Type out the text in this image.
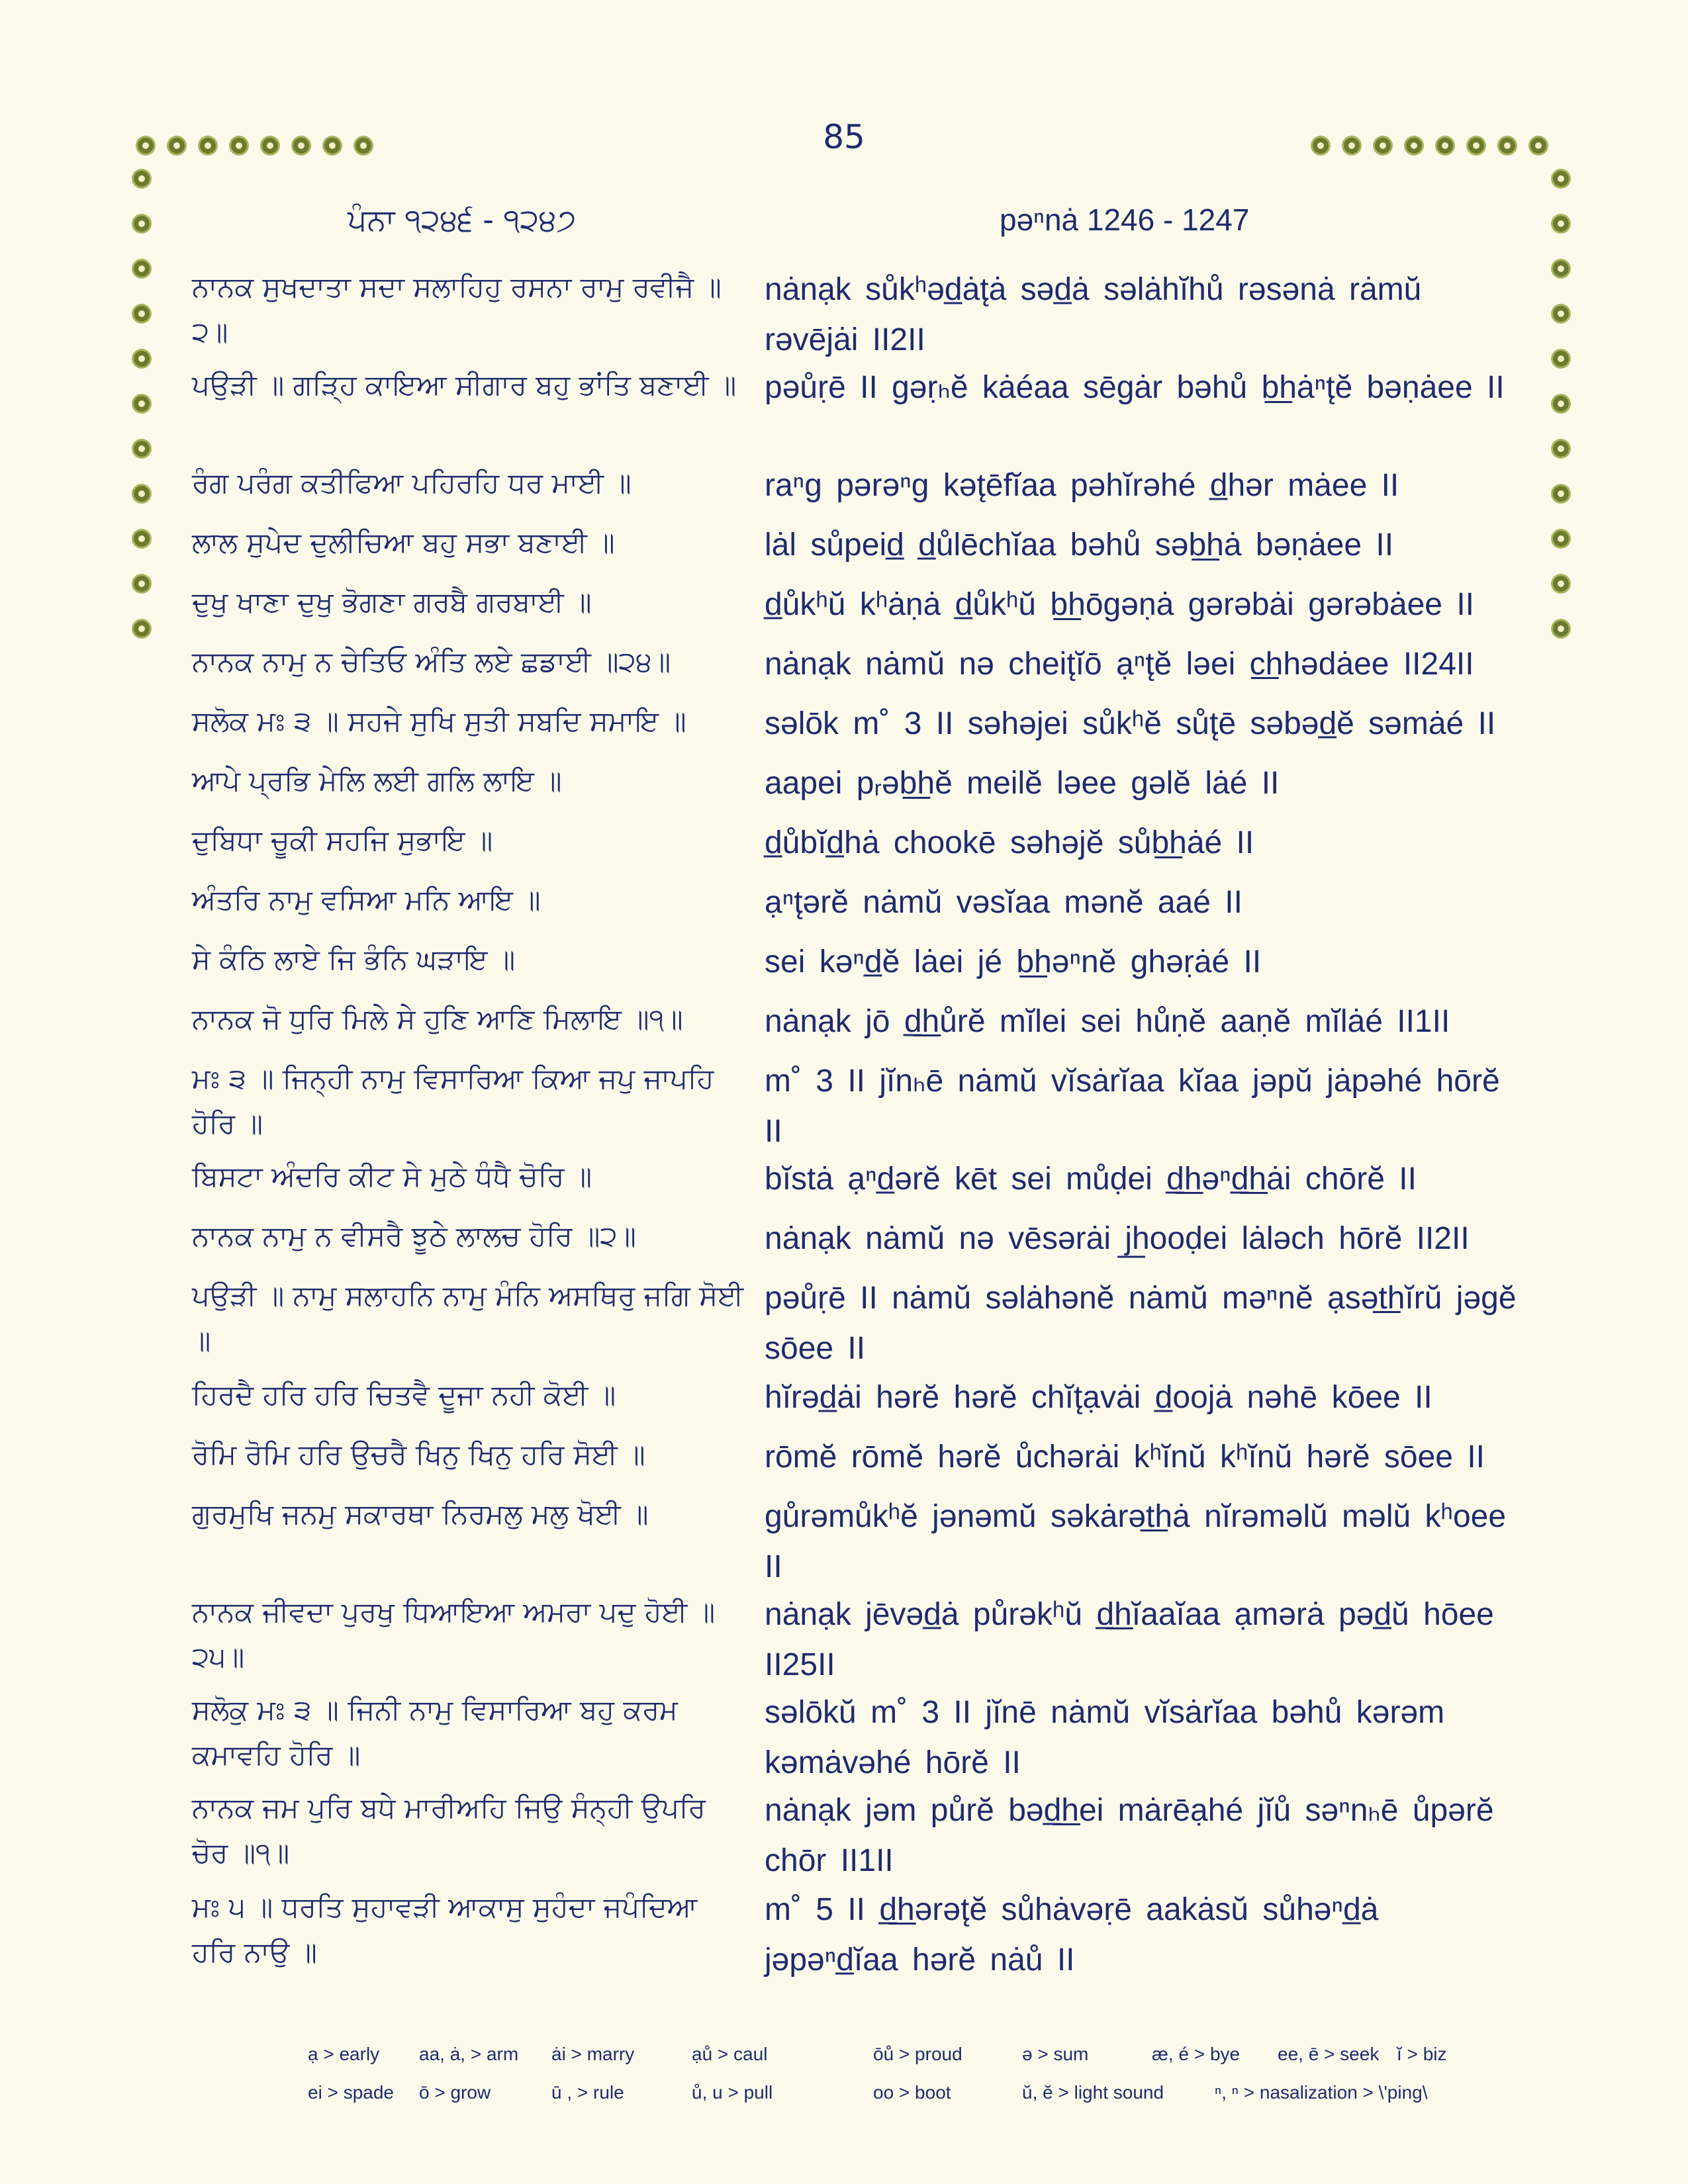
85
ਪੰਨਾ ੧੨੪੬ - ੧੨੪੭	pəⁿnȧ 1246 - 1247
ਨਾਨਕ ਸੁਖਦਾਤਾ ਸਦਾ ਸਲਾਹਿਹੁ ਰਸਨਾ ਰਾਮੁ ਰਵੀਜੈ ॥੨॥
nȧnạk sůkʰəd̲ȧt̨ȧ səd̲ȧ səlȧhĭhů rəsənȧ rȧmŭ rəvējȧi II2II
ਪਉੜੀ ॥ ਗੜ੍ਹਿ ਕਾਇਆ ਸੀਗਾਰ ਬਹੁ ਭਾਂਤਿ ਬਣਾਈ ॥ pəůṛē II gəṛₕĕ kȧéaa sēgȧr bəhů b͟hȧⁿt̨ĕ bəṇȧee II
ਰੰਗ ਪਰੰਗ ਕਤੀਫਿਆ ਪਹਿਰਹਿ ਧਰ ਮਾਈ ॥	raⁿg pərəⁿg kət̨ēfĭaa pəhĭrəhé d̲hər mȧee II
ਲਾਲ ਸੁਪੇਦ ਦੁਲੀਚਿਆ ਬਹੁ ਸਭਾ ਬਣਾਈ ॥	lȧl sůpeid̲ d̲ůlēchĭaa bəhů səb͟hȧ bəṇȧee II
ਦੁਖੁ ਖਾਣਾ ਦੁਖੁ ਭੋਗਣਾ ਗਰਬੈ ਗਰਬਾਈ ॥	d̲ůkʰŭ kʰȧṇȧ d̲ůkʰŭ b͟hōgəṇȧ gərəbȧi gərəbȧee II
ਨਾਨਕ ਨਾਮੁ ਨ ਚੇਤਿਓ ਅੰਤਿ ਲਏ ਛਡਾਈ ॥੨੪॥	nȧnạk nȧmŭ nə cheit̨ĭō ạⁿt̨ĕ ləei c͟hhədȧee II24II
ਸਲੋਕ ਮਃ ੩ ॥ ਸਹਜੇ ਸੁਖਿ ਸੁਤੀ ਸਬਦਿ ਸਮਾਇ ॥	səlōk m˚ 3 II səhəjei sůkʰĕ sůt̨ē səbəd̲ĕ səmȧé II
ਆਪੇ ਪ੍ਰਭਿ ਮੇਲਿ ਲਈ ਗਲਿ ਲਾਇ ॥	aapei pᵣəb͟hĕ meilĕ ləee gəlĕ lȧé II
ਦੁਬਿਧਾ ਚੂਕੀ ਸਹਜਿ ਸੁਭਾਇ ॥	d̲ůbĭd̲hȧ chookē səhəjĕ sůb͟hȧé II
ਅੰਤਰਿ ਨਾਮੁ ਵਸਿਆ ਮਨਿ ਆਇ ॥	ạⁿt̨ərĕ nȧmŭ vəsĭaa mənĕ aaé II
ਸੇ ਕੰਠਿ ਲਾਏ ਜਿ ਭੰਨਿ ਘੜਾਇ ॥	sei kəⁿd̲ĕ lȧei jé b͟həⁿnĕ ghəṛȧé II
ਨਾਨਕ ਜੋ ਧੁਰਿ ਮਿਲੇ ਸੇ ਹੁਣਿ ਆਣਿ ਮਿਲਾਇ ॥੧॥	nȧnạk jō d̲͟hůrĕ mĭlei sei hůṇĕ aaṇĕ mĭlȧé II1II
ਮਃ ੩ ॥ ਜਿਨ੍ਹੀ ਨਾਮੁ ਵਿਸਾਰਿਆ ਕਿਆ ਜਪੁ ਜਾਪਹਿ ਹੋਰਿ ॥
m˚ 3 II jĭnₕē nȧmŭ vĭsȧrĭaa kĭaa jəpŭ jȧpəhé hōrĕ II
ਬਿਸਟਾ ਅੰਦਰਿ ਕੀਟ ਸੇ ਮੁਠੇ ਧੰਧੈ ਚੋਰਿ ॥	bĭstȧ ạⁿd̲ərĕ kēt sei můḍei d̲͟həⁿd̲͟hȧi chōrĕ II
ਨਾਨਕ ਨਾਮੁ ਨ ਵੀਸਰੈ ਝੂਠੇ ਲਾਲਚ ਹੋਰਿ ॥੨॥	nȧnạk nȧmŭ nə vēsərȧi j͟hooḍei lȧləch hōrĕ II2II
ਪਉੜੀ ॥ ਨਾਮੁ ਸਲਾਹਨਿ ਨਾਮੁ ਮੰਨਿ ਅਸਥਿਰੁ ਜਗਿ ਸੋਈ ॥
pəůṛē II nȧmŭ səlȧhənĕ nȧmŭ məⁿnĕ ạsət͟hĭrŭ jəgĕ sōee II
ਹਿਰਦੈ ਹਰਿ ਹਰਿ ਚਿਤਵੈ ਦੂਜਾ ਨਹੀ ਕੋਈ ॥	hĭrəd̲ȧi hərĕ hərĕ chĭt̨ạvȧi d̲oojȧ nəhē kōee II
ਰੋਮਿ ਰੋਮਿ ਹਰਿ ਉਚਰੈ ਖਿਨੁ ਖਿਨੁ ਹਰਿ ਸੋਈ ॥	rōmĕ rōmĕ hərĕ ůchərȧi kʰĭnŭ kʰĭnŭ hərĕ sōee II
ਗੁਰਮੁਖਿ ਜਨਮੁ ਸਕਾਰਥਾ ਨਿਰਮਲੁ ਮਲੁ ਖੋਈ ॥	gůrəmůkʰĕ jənəmŭ səkȧrət͟hȧ nĭrəməlŭ məlŭ kʰoee II
ਨਾਨਕ ਜੀਵਦਾ ਪੁਰਖੁ ਧਿਆਇਆ ਅਮਰਾ ਪਦੁ ਹੋਈ ॥੨੫॥
nȧnạk jēvəd̲ȧ půrəkʰŭ d̲͟hĭaaĭaa ạmərȧ pəd̲ŭ hōee II25II
ਸਲੋਕੁ ਮਃ ੩ ॥ ਜਿਨੀ ਨਾਮੁ ਵਿਸਾਰਿਆ ਬਹੁ ਕਰਮ ਕਮਾਵਹਿ ਹੋਰਿ ॥
səlōkŭ m˚ 3 II jĭnē nȧmŭ vĭsȧrĭaa bəhů kərəm kəmȧvəhé hōrĕ II
ਨਾਨਕ ਜਮ ਪੁਰਿ ਬਧੇ ਮਾਰੀਅਹਿ ਜਿਉ ਸੰਨ੍ਹੀ ਉਪਰਿ ਚੋਰ ॥੧॥
nȧnạk jəm půrĕ bəd̲͟hei mȧrēạhé jĭů səⁿnₕē ůpərĕ chōr II1II
ਮਃ ੫ ॥ ਧਰਤਿ ਸੁਹਾਵੜੀ ਆਕਾਸੁ ਸੁਹੰਦਾ ਜਪੰਦਿਆ ਹਰਿ ਨਾਉ ॥
m˚ 5 II d̲͟hərət̨ĕ sůhȧvəṛē aakȧsŭ sůhəⁿd̲ȧ jəpəⁿd̲ĭaa hərĕ nȧů II
ạ > early aa, ȧ, > arm ȧi > marry	ạů > caul	ōů > proud	ə > sum	æ, é > bye ee, ē > seek ĭ > biz
ei > spade ō > grow	ū , > rule	ů, u > pull	oo > boot	ŭ, ĕ > light sound	ⁿ, ⁿ > nasalization > \'ping\
